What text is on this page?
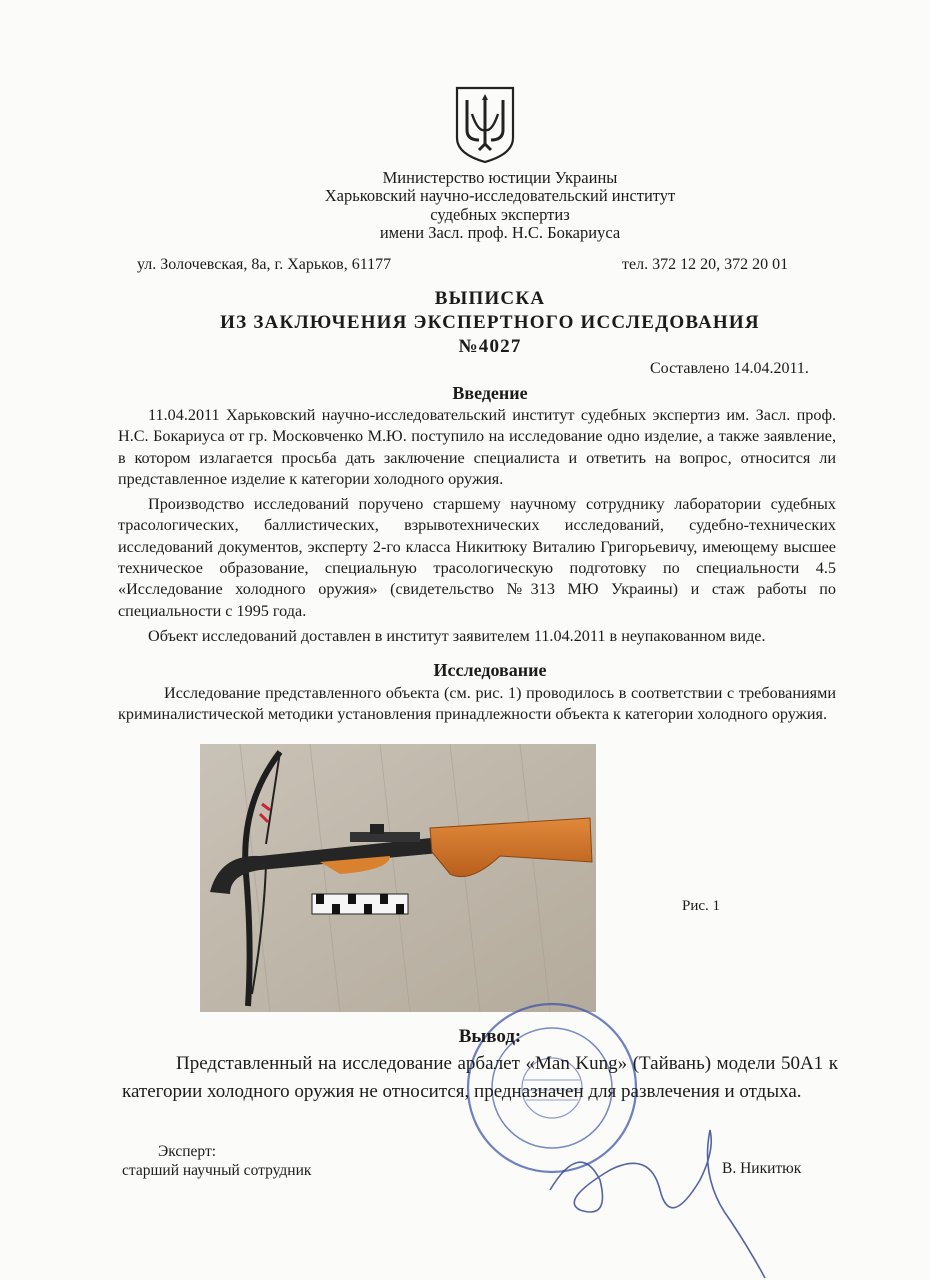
Министерство юстиции Украины
Харьковский научно-исследовательский институт
судебных экспертиз
имени Засл. проф. Н.С. Бокариуса
ул. Золочевская, 8а, г. Харьков, 61177	тел. 372 12 20, 372 20 01
ВЫПИСКА
ИЗ ЗАКЛЮЧЕНИЯ ЭКСПЕРТНОГО ИССЛЕДОВАНИЯ
№4027
Составлено 14.04.2011.
Введение

11.04.2011 Харьковский научно-исследовательский институт судебных экспертиз им. Засл. проф. Н.С. Бокариуса от гр. Московченко М.Ю. поступило на исследование одно изделие, а также заявление, в котором излагается просьба дать заключение специалиста и ответить на вопрос, относится ли представленное изделие к категории холодного оружия.

Производство исследований поручено старшему научному сотруднику лаборатории судебных трасологических, баллистических, взрывотехнических исследований, судебно-технических исследований документов, эксперту 2-го класса Никитюку Виталию Григорьевичу, имеющему высшее техническое образование, специальную трасологическую подготовку по специальности 4.5 «Исследование холодного оружия» (свидетельство №313 МЮ Украины) и стаж работы по специальности с 1995 года.

Объект исследований доставлен в институт заявителем 11.04.2011 в неупакованном виде.

Исследование

Исследование представленного объекта (см. рис. 1) проводилось в соответствии с требованиями криминалистической методики установления принадлежности объекта к категории холодного оружия.

Рис. 1
Вывод:

Представленный на исследование арбалет «Man Kung» (Тайвань) модели 50А1 к категории холодного оружия не относится, предназначен для развлечения и отдыха.

Эксперт:
старший научный сотрудник	В. Никитюк
